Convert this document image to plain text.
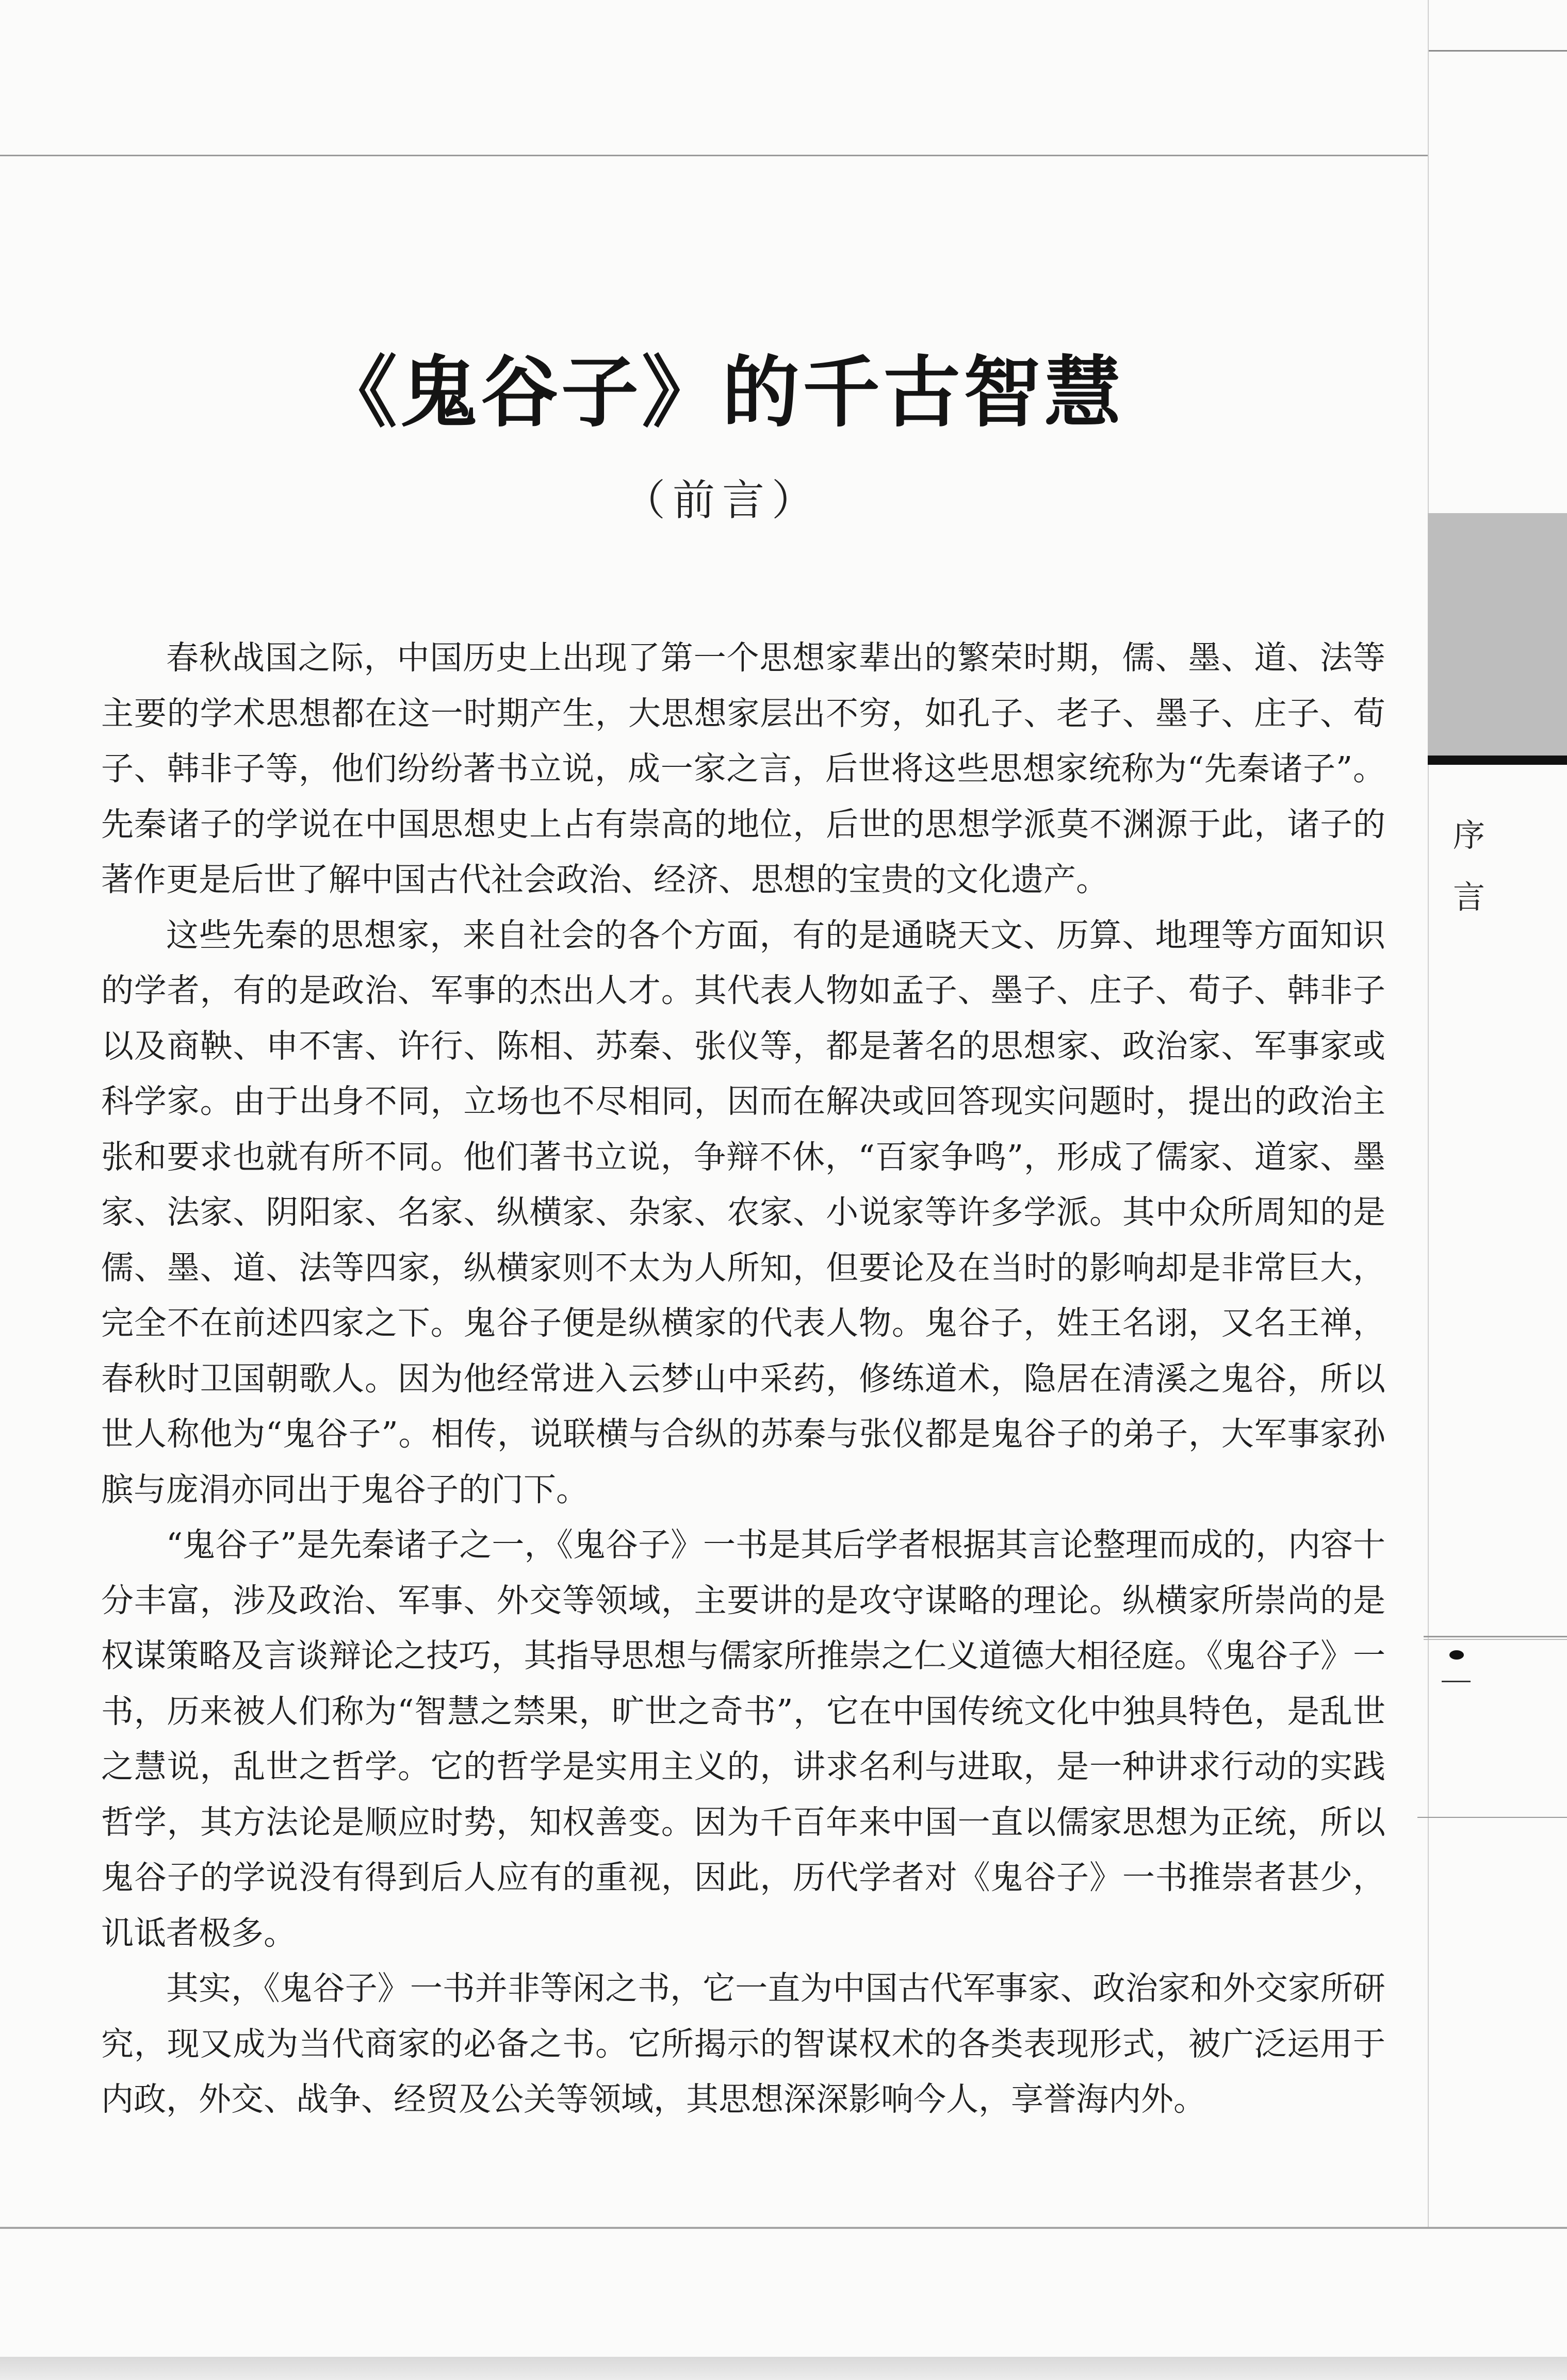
《鬼谷子》的千古智慧
（前言）

春秋战国之际，中国历史上出现了第一个思想家辈出的繁荣时期，儒、墨、道、法等主要的学术思想都在这一时期产生，大思想家层出不穷，如孔子、老子、墨子、庄子、荀子、韩非子等，他们纷纷著书立说，成一家之言，后世将这些思想家统称为“先秦诸子”。先秦诸子的学说在中国思想史上占有崇高的地位，后世的思想学派莫不渊源于此，诸子的著作更是后世了解中国古代社会政治、经济、思想的宝贵的文化遗产。

这些先秦的思想家，来自社会的各个方面，有的是通晓天文、历算、地理等方面知识的学者，有的是政治、军事的杰出人才。其代表人物如孟子、墨子、庄子、荀子、韩非子以及商鞅、申不害、许行、陈相、苏秦、张仪等，都是著名的思想家、政治家、军事家或科学家。由于出身不同，立场也不尽相同，因而在解决或回答现实问题时，提出的政治主张和要求也就有所不同。他们著书立说，争辩不休，“百家争鸣”，形成了儒家、道家、墨家、法家、阴阳家、名家、纵横家、杂家、农家、小说家等许多学派。其中众所周知的是儒、墨、道、法等四家，纵横家则不太为人所知，但要论及在当时的影响却是非常巨大，完全不在前述四家之下。鬼谷子便是纵横家的代表人物。鬼谷子，姓王名诩，又名王禅，春秋时卫国朝歌人。因为他经常进入云梦山中采药，修练道术，隐居在清溪之鬼谷，所以世人称他为“鬼谷子”。相传，说联横与合纵的苏秦与张仪都是鬼谷子的弟子，大军事家孙膑与庞涓亦同出于鬼谷子的门下。

“鬼谷子”是先秦诸子之一，《鬼谷子》一书是其后学者根据其言论整理而成的，内容十分丰富，涉及政治、军事、外交等领域，主要讲的是攻守谋略的理论。纵横家所崇尚的是权谋策略及言谈辩论之技巧，其指导思想与儒家所推崇之仁义道德大相径庭。《鬼谷子》一书，历来被人们称为“智慧之禁果，旷世之奇书”，它在中国传统文化中独具特色，是乱世之慧说，乱世之哲学。它的哲学是实用主义的，讲求名利与进取，是一种讲求行动的实践哲学，其方法论是顺应时势，知权善变。因为千百年来中国一直以儒家思想为正统，所以鬼谷子的学说没有得到后人应有的重视，因此，历代学者对《鬼谷子》一书推崇者甚少，讥诋者极多。

其实，《鬼谷子》一书并非等闲之书，它一直为中国古代军事家、政治家和外交家所研究，现又成为当代商家的必备之书。它所揭示的智谋权术的各类表现形式，被广泛运用于内政，外交、战争、经贸及公关等领域，其思想深深影响今人，享誉海内外。

序
言
